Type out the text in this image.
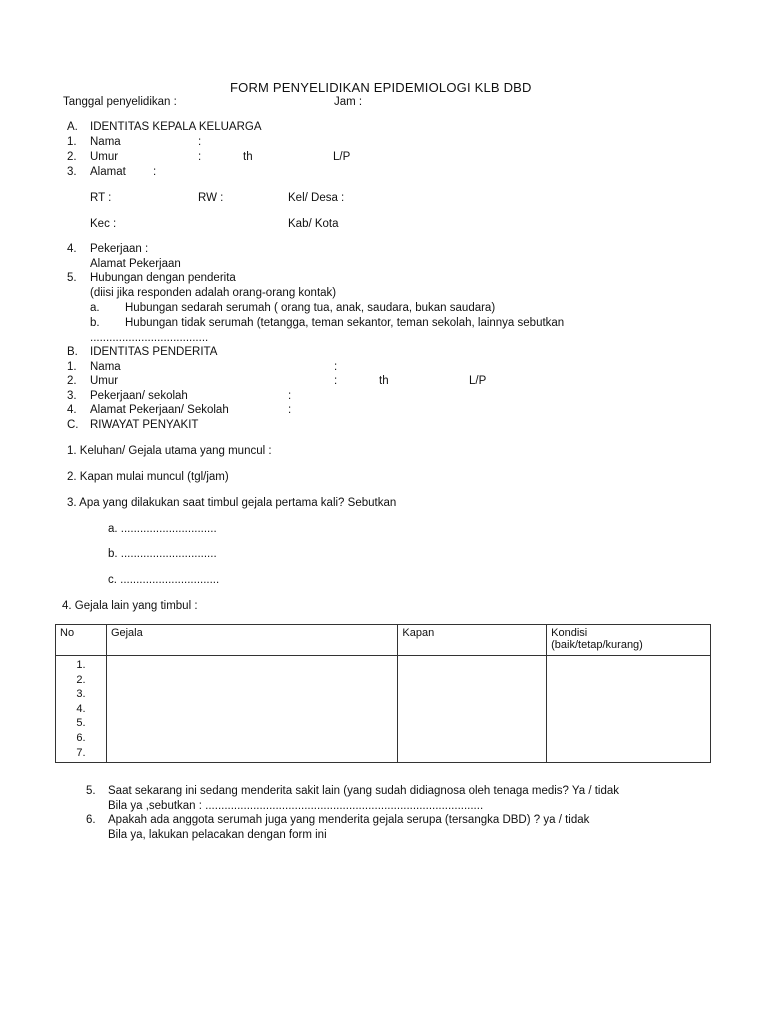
FORM PENYELIDIKAN EPIDEMIOLOGI KLB DBD
Tanggal penyelidikan :	Jam :
A. IDENTITAS KEPALA KELUARGA
1. Nama	:
2. Umur	:	th	L/P
3. Alamat :
RT :	RW :	Kel/ Desa :
Kec :	Kab/ Kota
4. Pekerjaan :
Alamat Pekerjaan
5. Hubungan dengan penderita
(diisi jika responden adalah orang-orang kontak)
a. Hubungan sedarah serumah ( orang tua, anak, saudara, bukan saudara)
b. Hubungan tidak serumah (tetangga, teman sekantor, teman sekolah, lainnya sebutkan
.....................................
B. IDENTITAS PENDERITA
1. Nama	:
2. Umur	:	th	L/P
3. Pekerjaan/ sekolah	:
4. Alamat Pekerjaan/ Sekolah	:
C. RIWAYAT PENYAKIT
1. Keluhan/ Gejala utama yang muncul :
2. Kapan mulai muncul (tgl/jam)
3. Apa yang dilakukan saat timbul gejala pertama kali? Sebutkan
a. ..............................
b. ..............................
c. ...............................
4. Gejala lain yang timbul :
No	Gejala	Kapan	Kondisi
(baik/tetap/kurang)

1.
2.
3.
4.
5.
6.
7.

5. Saat sekarang ini sedang menderita sakit lain (yang sudah didiagnosa oleh tenaga medis? Ya / tidak
Bila ya ,sebutkan : .......................................................................................
6. Apakah ada anggota serumah juga yang menderita gejala serupa (tersangka DBD) ? ya / tidak
Bila ya, lakukan pelacakan dengan form ini
